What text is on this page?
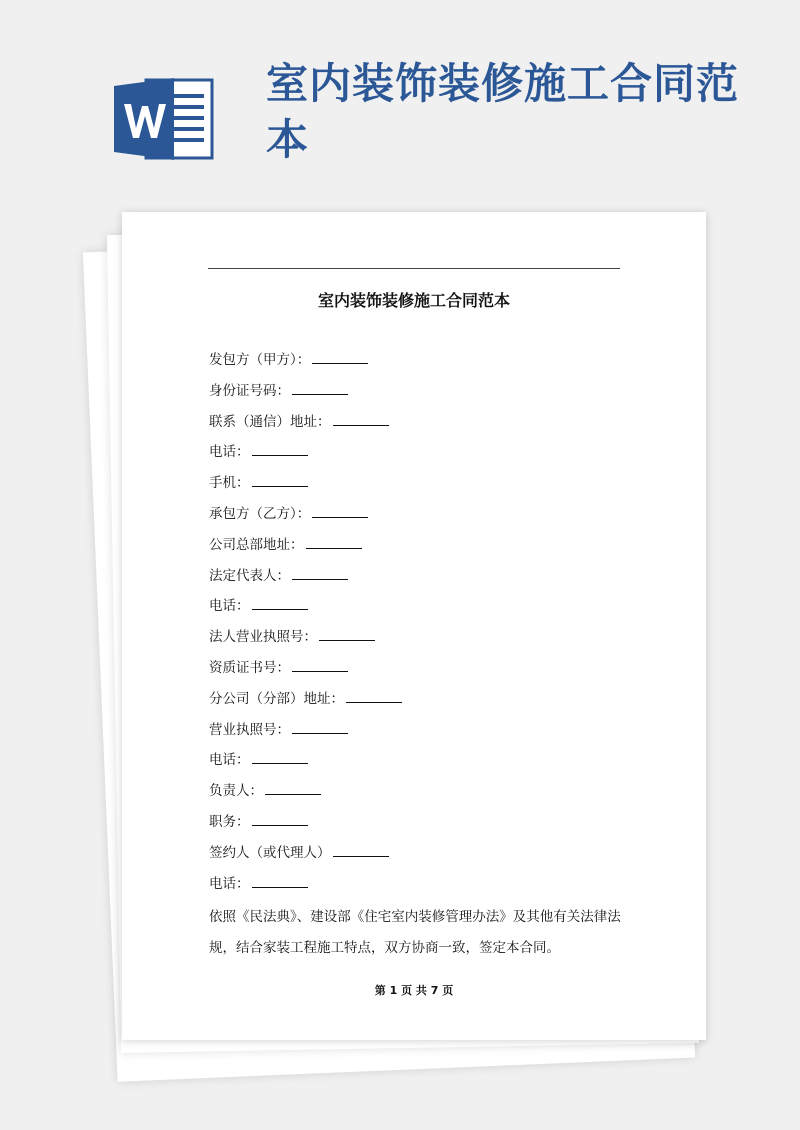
室内装饰装修施工合同范本
室内装饰装修施工合同范本
发包方（甲方）：
身份证号码：
联系（通信）地址：
电话：
手机：
承包方（乙方）：
公司总部地址：
法定代表人：
电话：
法人营业执照号：
资质证书号：
分公司（分部）地址：
营业执照号：
电话：
负责人：
职务：
签约人（或代理人）
电话：
依照《民法典》、建设部《住宅室内装修管理办法》及其他有关法律法规，结合家装工程施工特点，双方协商一致，签定本合同。
第 1 页 共 7 页
